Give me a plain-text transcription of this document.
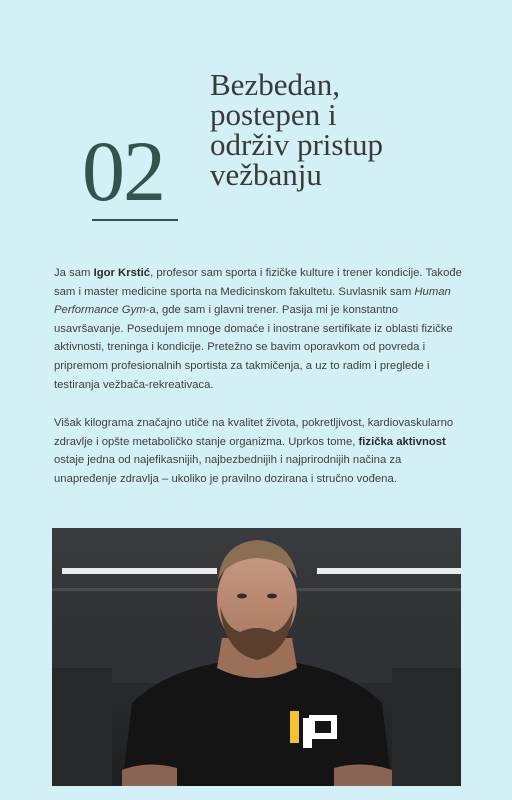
02
Bezbedan,
postepen i
održiv pristup
vežbanju
Ja sam Igor Krstić, profesor sam sporta i fizičke kulture i trener kondicije. Takođe sam i master medicine sporta na Medicinskom fakultetu. Suvlasnik sam Human Performance Gym-a, gde sam i glavni trener. Pasija mi je konstantno usavršavanje. Posedujem mnoge domaće i inostrane sertifikate iz oblasti fizičke aktivnosti, treninga i kondicije. Pretežno se bavim oporavkom od povreda i pripremom profesionalnih sportista za takmičenja, a uz to radim i preglede i testiranja vežbača-rekreativaca.
Višak kilograma značajno utiče na kvalitet života, pokretljivost, kardiovaskularno zdravlje i opšte metaboličko stanje organizma. Uprkos tome, fizička aktivnost ostaje jedna od najefikasnijih, najbezbednijih i najprirodnijih načina za unapređenje zdravlja – ukoliko je pravilno dozirana i stručno vođena.
